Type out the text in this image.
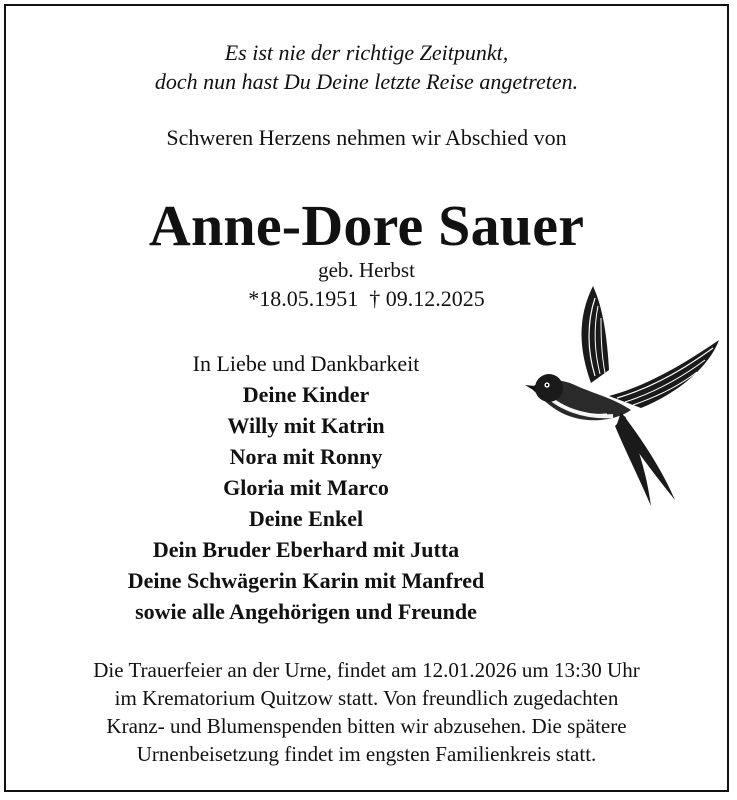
Es ist nie der richtige Zeitpunkt,
doch nun hast Du Deine letzte Reise angetreten.
Schweren Herzens nehmen wir Abschied von
Anne-Dore Sauer
geb. Herbst
*18.05.1951 † 09.12.2025
In Liebe und Dankbarkeit
Deine Kinder
Willy mit Katrin
Nora mit Ronny
Gloria mit Marco
Deine Enkel
Dein Bruder Eberhard mit Jutta
Deine Schwägerin Karin mit Manfred
sowie alle Angehörigen und Freunde
Die Trauerfeier an der Urne, findet am 12.01.2026 um 13:30 Uhr
im Krematorium Quitzow statt. Von freundlich zugedachten
Kranz- und Blumenspenden bitten wir abzusehen. Die spätere
Urnenbeisetzung findet im engsten Familienkreis statt.
